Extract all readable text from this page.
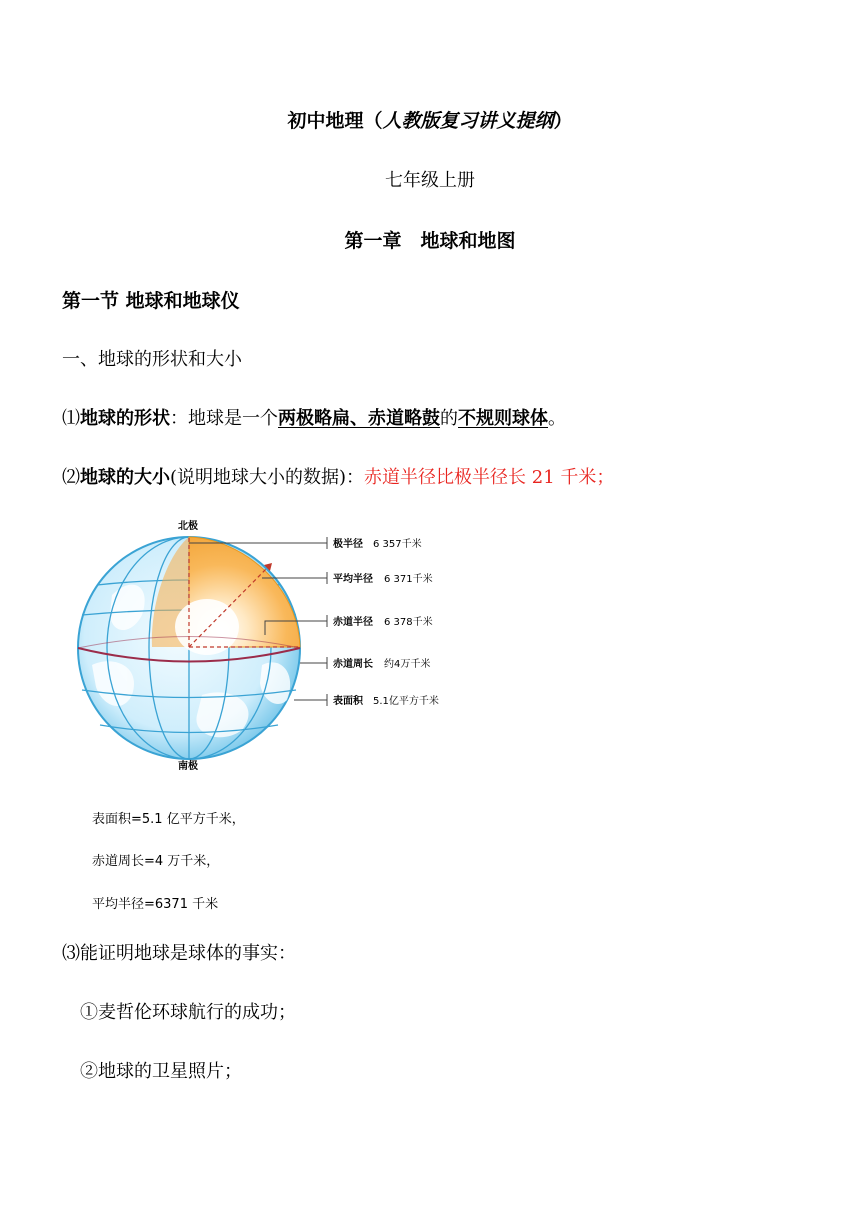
初中地理（人教版复习讲义提纲）
七年级上册
第一章　地球和地图
第一节 地球和地球仪
一、地球的形状和大小
⑴地球的形状：地球是一个两极略扁、赤道略鼓的不规则球体。
⑵地球的大小(说明地球大小的数据)：赤道半径比极半径长 21 千米；
北极
南极
极半径 6 357千米
平均半径 6 371千米
赤道半径 6 378千米
赤道周长 约4万千米
表面积 5.1亿平方千米
表面积=5.1 亿平方千米，
赤道周长=4 万千米，
平均半径=6371 千米
⑶能证明地球是球体的事实：
①麦哲伦环球航行的成功；
②地球的卫星照片；
